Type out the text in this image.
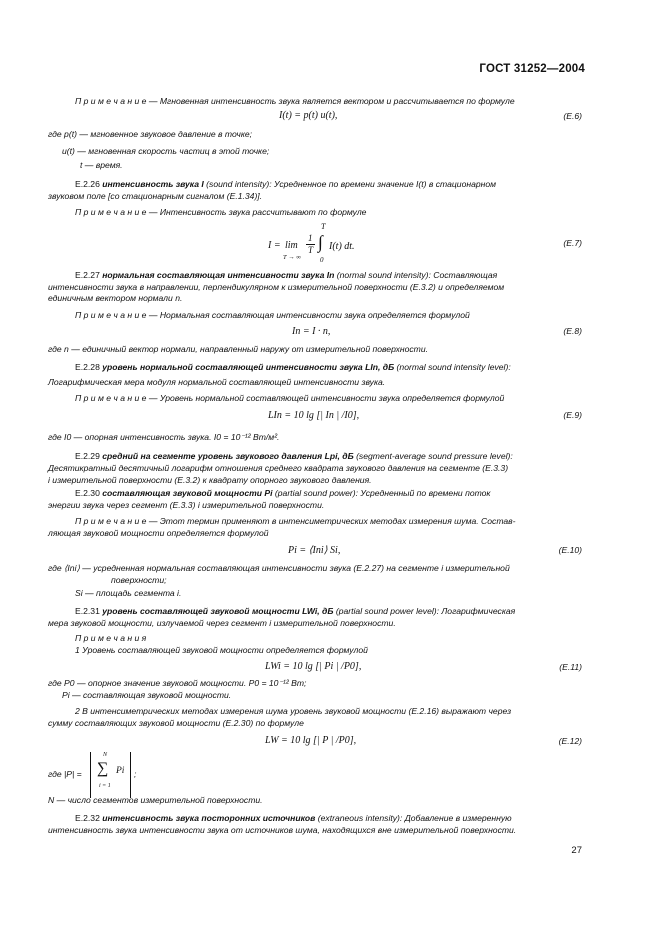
ГОСТ 31252—2004
П р и м е ч а н и е — Мгновенная интенсивность звука является вектором и рассчитывается по формуле
I(t) = p(t) u(t),	(E.6)
где p(t) — мгновенное звуковое давление в точке;
u(t) — мгновенная скорость частиц в этой точке;
t — время.
E.2.26 интенсивность звука I (sound intensity): Усредненное по времени значение I(t) в стационарном
звуковом поле [со стационарным сигналом (E.1.34)].
П р и м е ч а н и е — Интенсивность звука рассчитывают по формуле
T
I = lim
T → ∞
1
T ∫
0
I(t) dt.	(E.7)
E.2.27 нормальная составляющая интенсивности звука In (normal sound intensity): Составляющая
интенсивности звука в направлении, перпендикулярном к измерительной поверхности (E.3.2) и определяемом
единичным вектором нормали n.
П р и м е ч а н и е — Нормальная составляющая интенсивности звука определяется формулой
In = I · n,	(E.8)
где n — единичный вектор нормали, направленный наружу от измерительной поверхности.
E.2.28 уровень нормальной составляющей интенсивности звука LIn, дБ (normal sound intensity level):
Логарифмическая мера модуля нормальной составляющей интенсивности звука.
П р и м е ч а н и е — Уровень нормальной составляющей интенсивности звука определяется формулой
LIn = 10 lg [| In | /I0],	(E.9)
где I0 — опорная интенсивность звука. I0 = 10⁻¹² Вт/м².
E.2.29 средний на сегменте уровень звукового давления Lpi, дБ (segment-average sound pressure level):
Десятикратный десятичный логарифм отношения среднего квадрата звукового давления на сегменте (E.3.3)
i измерительной поверхности (E.3.2) к квадрату опорного звукового давления.
E.2.30 составляющая звуковой мощности Pi (partial sound power): Усредненный по времени поток
энергии звука через сегмент (E.3.3) i измерительной поверхности.
П р и м е ч а н и е — Этот термин применяют в интенсиметрических методах измерения шума. Состав-
ляющая звуковой мощности определяется формулой
Pi = ⟨Ini⟩ Si,	(E.10)
где ⟨Ini⟩ — усредненная нормальная составляющая интенсивности звука (E.2.27) на сегменте i измерительной
поверхности;
Si — площадь сегмента i.
E.2.31 уровень составляющей звуковой мощности LWi, дБ (partial sound power level): Логарифмическая
мера звуковой мощности, излучаемой через сегмент i измерительной поверхности.
П р и м е ч а н и я
1 Уровень составляющей звуковой мощности определяется формулой
LWi = 10 lg [| Pi | /P0],	(E.11)
где P0 — опорное значение звуковой мощности. P0 = 10⁻¹² Вт;
Pi — составляющая звуковой мощности.
2 В интенсиметрических методах измерения шума уровень звуковой мощности (E.2.16) выражают через
сумму составляющих звуковой мощности (E.2.30) по формуле
LW = 10 lg [| P | /P0],	(E.12)
где |P| =
N
∑
i = 1
Pi ;
N — число сегментов измерительной поверхности.
E.2.32 интенсивность звука посторонних источников (extraneous intensity): Добавление в измеренную
интенсивность звука интенсивности звука от источников шума, находящихся вне измерительной поверхности.
27
